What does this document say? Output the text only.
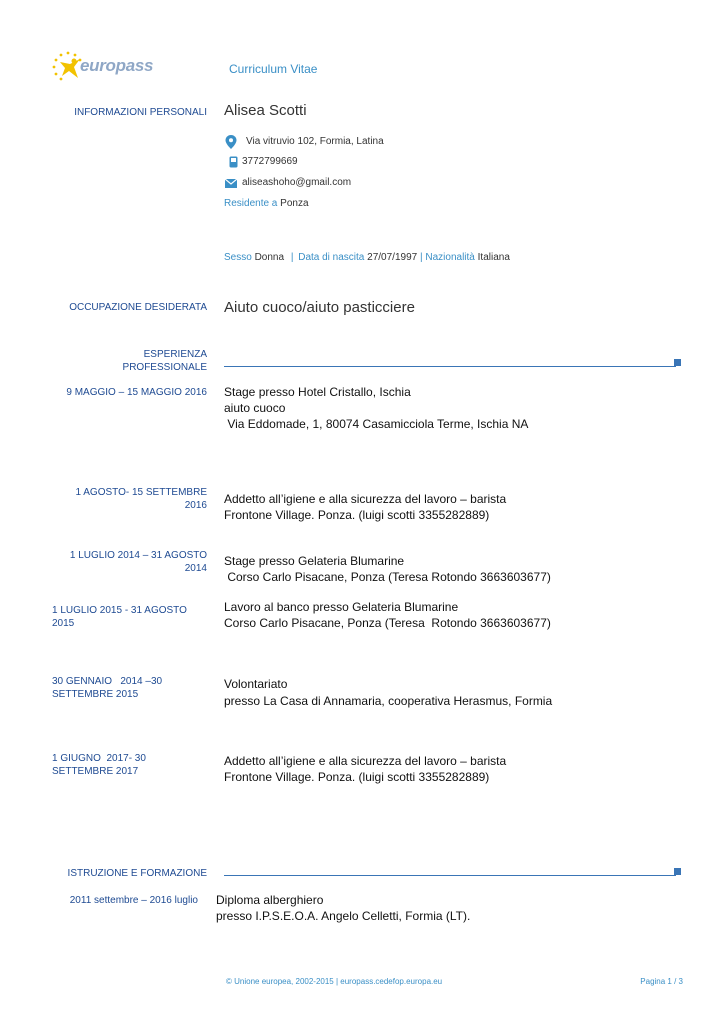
europass	Curriculum Vitae
INFORMAZIONI PERSONALI Alisea Scotti
Via vitruvio 102, Formia, Latina
3772799669
aliseashoho@gmail.com
Residente a Ponza
Sesso Donna | Data di nascita 27/07/1997 | Nazionalità Italiana
OCCUPAZIONE DESIDERATA Aiuto cuoco/aiuto pasticciere
ESPERIENZA
PROFESSIONALE
9 MAGGIO – 15 MAGGIO 2016 Stage presso Hotel Cristallo, Ischia
aiuto cuoco
Via Eddomade, 1, 80074 Casamicciola Terme, Ischia NA
1 AGOSTO- 15 SETTEMBRE
2016 Addetto all’igiene e alla sicurezza del lavoro – barista
Frontone Village. Ponza. (luigi scotti 3355282889)
1 LUGLIO 2014 – 31 AGOSTO
2014
Stage presso Gelateria Blumarine
Corso Carlo Pisacane, Ponza (Teresa Rotondo 3663603677)
1 LUGLIO 2015 - 31 AGOSTO
2015
Lavoro al banco presso Gelateria Blumarine
Corso Carlo Pisacane, Ponza (Teresa  Rotondo 3663603677)
30 GENNAIO   2014 –30
SETTEMBRE 2015
Volontariato
presso La Casa di Annamaria, cooperativa Herasmus, Formia
1 GIUGNO  2017- 30
SETTEMBRE 2017
Addetto all’igiene e alla sicurezza del lavoro – barista
Frontone Village. Ponza. (luigi scotti 3355282889)
ISTRUZIONE E FORMAZIONE
2011 settembre – 2016 luglio Diploma alberghiero
presso I.P.S.E.O.A. Angelo Celletti, Formia (LT).
© Unione europea, 2002-2015 | europass.cedefop.europa.eu	Pagina 1 / 3
